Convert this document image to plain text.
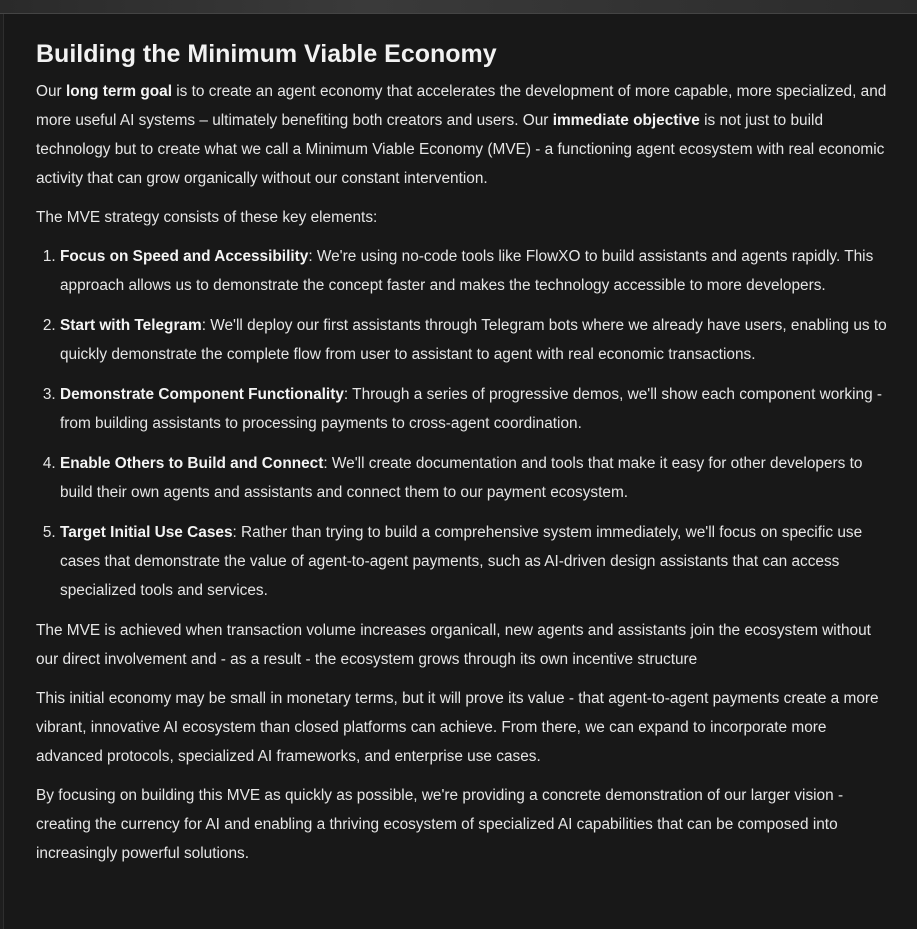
Building the Minimum Viable Economy

Our long term goal is to create an agent economy that accelerates the development of more capable, more specialized, and more useful AI systems – ultimately benefiting both creators and users. Our immediate objective is not just to build technology but to create what we call a Minimum Viable Economy (MVE) - a functioning agent ecosystem with real economic activity that can grow organically without our constant intervention.

The MVE strategy consists of these key elements:

1. Focus on Speed and Accessibility: We're using no-code tools like FlowXO to build assistants and agents rapidly. This approach allows us to demonstrate the concept faster and makes the technology accessible to more developers.
2. Start with Telegram: We'll deploy our first assistants through Telegram bots where we already have users, enabling us to quickly demonstrate the complete flow from user to assistant to agent with real economic transactions.
3. Demonstrate Component Functionality: Through a series of progressive demos, we'll show each component working - from building assistants to processing payments to cross-agent coordination.
4. Enable Others to Build and Connect: We'll create documentation and tools that make it easy for other developers to build their own agents and assistants and connect them to our payment ecosystem.
5. Target Initial Use Cases: Rather than trying to build a comprehensive system immediately, we'll focus on specific use cases that demonstrate the value of agent-to-agent payments, such as AI-driven design assistants that can access specialized tools and services.

The MVE is achieved when transaction volume increases organicall, new agents and assistants join the ecosystem without our direct involvement and - as a result - the ecosystem grows through its own incentive structure

This initial economy may be small in monetary terms, but it will prove its value - that agent-to-agent payments create a more vibrant, innovative AI ecosystem than closed platforms can achieve. From there, we can expand to incorporate more advanced protocols, specialized AI frameworks, and enterprise use cases.

By focusing on building this MVE as quickly as possible, we're providing a concrete demonstration of our larger vision - creating the currency for AI and enabling a thriving ecosystem of specialized AI capabilities that can be composed into increasingly powerful solutions.
